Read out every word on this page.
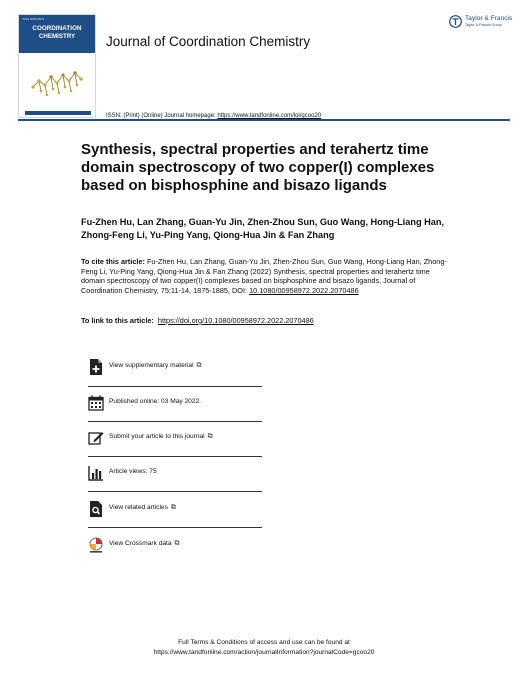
ISSN 0095-8972
COORDINATION
CHEMISTRY	Journal of Coordination Chemistry
Taylor & Francis
Taylor & Francis Group
ISSN: (Print) (Online) Journal homepage: https://www.tandfonline.com/loi/gcoo20
Synthesis, spectral properties and terahertz time domain spectroscopy of two copper(I) complexes based on bisphosphine and bisazo ligands
Fu-Zhen Hu, Lan Zhang, Guan-Yu Jin, Zhen-Zhou Sun, Guo Wang, Hong-Liang Han, Zhong-Feng Li, Yu-Ping Yang, Qiong-Hua Jin & Fan Zhang
To cite this article: Fu-Zhen Hu, Lan Zhang, Guan-Yu Jin, Zhen-Zhou Sun, Guo Wang, Hong-Liang Han, Zhong-Feng Li, Yu-Ping Yang, Qiong-Hua Jin & Fan Zhang (2022) Synthesis, spectral properties and terahertz time domain spectroscopy of two copper(I) complexes based on bisphosphine and bisazo ligands, Journal of Coordination Chemistry, 75:11-14, 1875-1885, DOI: 10.1080/00958972.2022.2070486
To link to this article: https://doi.org/10.1080/00958972.2022.2070486
View supplementary material ⧉
Published online: 03 May 2022.
Submit your article to this journal ⧉
Article views: 75
View related articles ⧉
View Crossmark data ⧉
Full Terms & Conditions of access and use can be found at
https://www.tandfonline.com/action/journalInformation?journalCode=gcoo20
